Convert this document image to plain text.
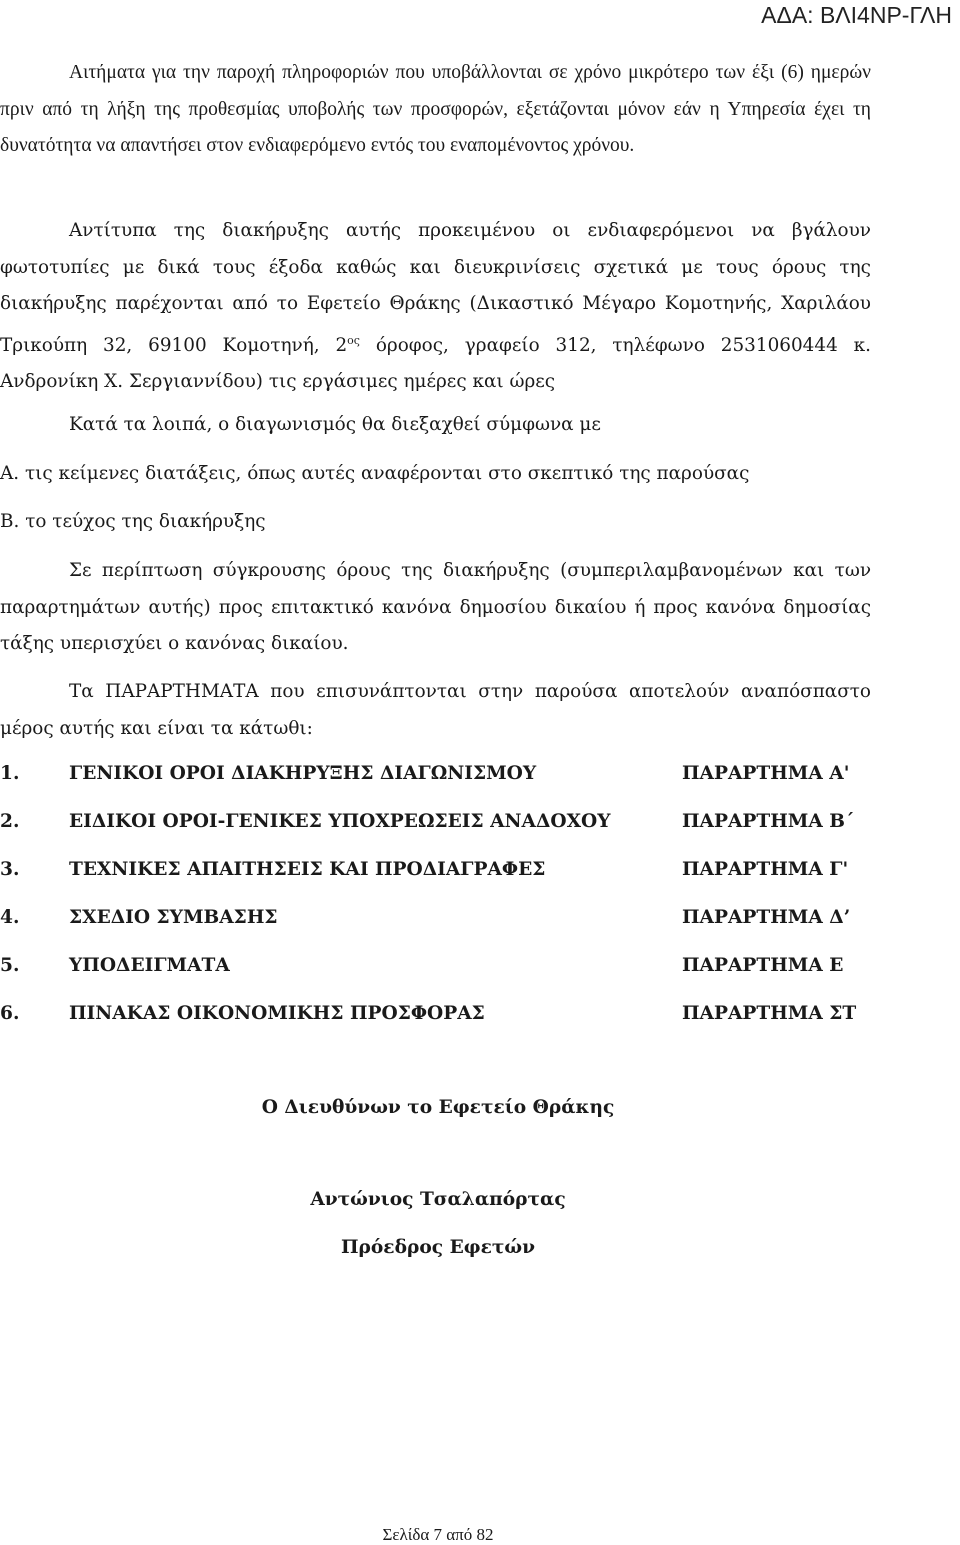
ΑΔΑ: ΒΛΙ4ΝΡ-ΓΛΗ
Αιτήματα για την παροχή πληροφοριών που υποβάλλονται σε χρόνο μικρότερο των έξι (6) ημερών πριν από τη λήξη της προθεσμίας υποβολής των προσφορών, εξετάζονται μόνον εάν η Υπηρεσία έχει τη δυνατότητα να απαντήσει στον ενδιαφερόμενο εντός του εναπομένοντος χρόνου.
Αντίτυπα της διακήρυξης αυτής προκειμένου οι ενδιαφερόμενοι να βγάλουν φωτοτυπίες με δικά τους έξοδα καθώς και διευκρινίσεις σχετικά με τους όρους της διακήρυξης παρέχονται από το Εφετείο Θράκης (Δικαστικό Μέγαρο Κομοτηνής, Χαριλάου Τρικούπη 32, 69100 Κομοτηνή, $2^{o\varsigma}$ όροφος, γραφείο 312, τηλέφωνο 2531060444 κ. Ανδρονίκη Χ. Σεργιαννίδου) τις εργάσιμες ημέρες και ώρες
Κατά τα λοιπά, ο διαγωνισμός θα διεξαχθεί σύμφωνα με
Α. τις κείμενες διατάξεις, όπως αυτές αναφέρονται στο σκεπτικό της παρούσας
Β. το τεύχος της διακήρυξης
Σε περίπτωση σύγκρουσης όρους της διακήρυξης (συμπεριλαμβανομένων και των παραρτημάτων αυτής) προς επιτακτικό κανόνα δημοσίου δικαίου ή προς κανόνα δημοσίας τάξης υπερισχύει ο κανόνας δικαίου.
Τα ΠΑΡΑΡΤΗΜΑΤΑ που επισυνάπτονται στην παρούσα αποτελούν αναπόσπαστο μέρος αυτής και είναι τα κάτωθι:
1.	ΓΕΝΙΚΟΙ ΟΡΟΙ ΔΙΑΚΗΡΥΞΗΣ ΔΙΑΓΩΝΙΣΜΟΥ	ΠΑΡΑΡΤΗΜΑ Α'
2.	ΕΙΔΙΚΟΙ ΟΡΟΙ-ΓΕΝΙΚΕΣ ΥΠΟΧΡΕΩΣΕΙΣ ΑΝΑΔΟΧΟΥ	ΠΑΡΑΡΤΗΜΑ Β΄
3.	ΤΕΧΝΙΚΕΣ ΑΠΑΙΤΗΣΕΙΣ ΚΑΙ ΠΡΟΔΙΑΓΡΑΦΕΣ	ΠΑΡΑΡΤΗΜΑ Γ'
4.	ΣΧΕΔΙΟ ΣΥΜΒΑΣΗΣ	ΠΑΡΑΡΤΗΜΑ Δ’
5.	ΥΠΟΔΕΙΓΜΑΤΑ	ΠΑΡΑΡΤΗΜΑ Ε
6.	ΠΙΝΑΚΑΣ ΟΙΚΟΝΟΜΙΚΗΣ ΠΡΟΣΦΟΡΑΣ	ΠΑΡΑΡΤΗΜΑ ΣΤ
Ο Διευθύνων το Εφετείο Θράκης
Αντώνιος Τσαλαπόρτας
Πρόεδρος Εφετών
Σελίδα 7 από 82
